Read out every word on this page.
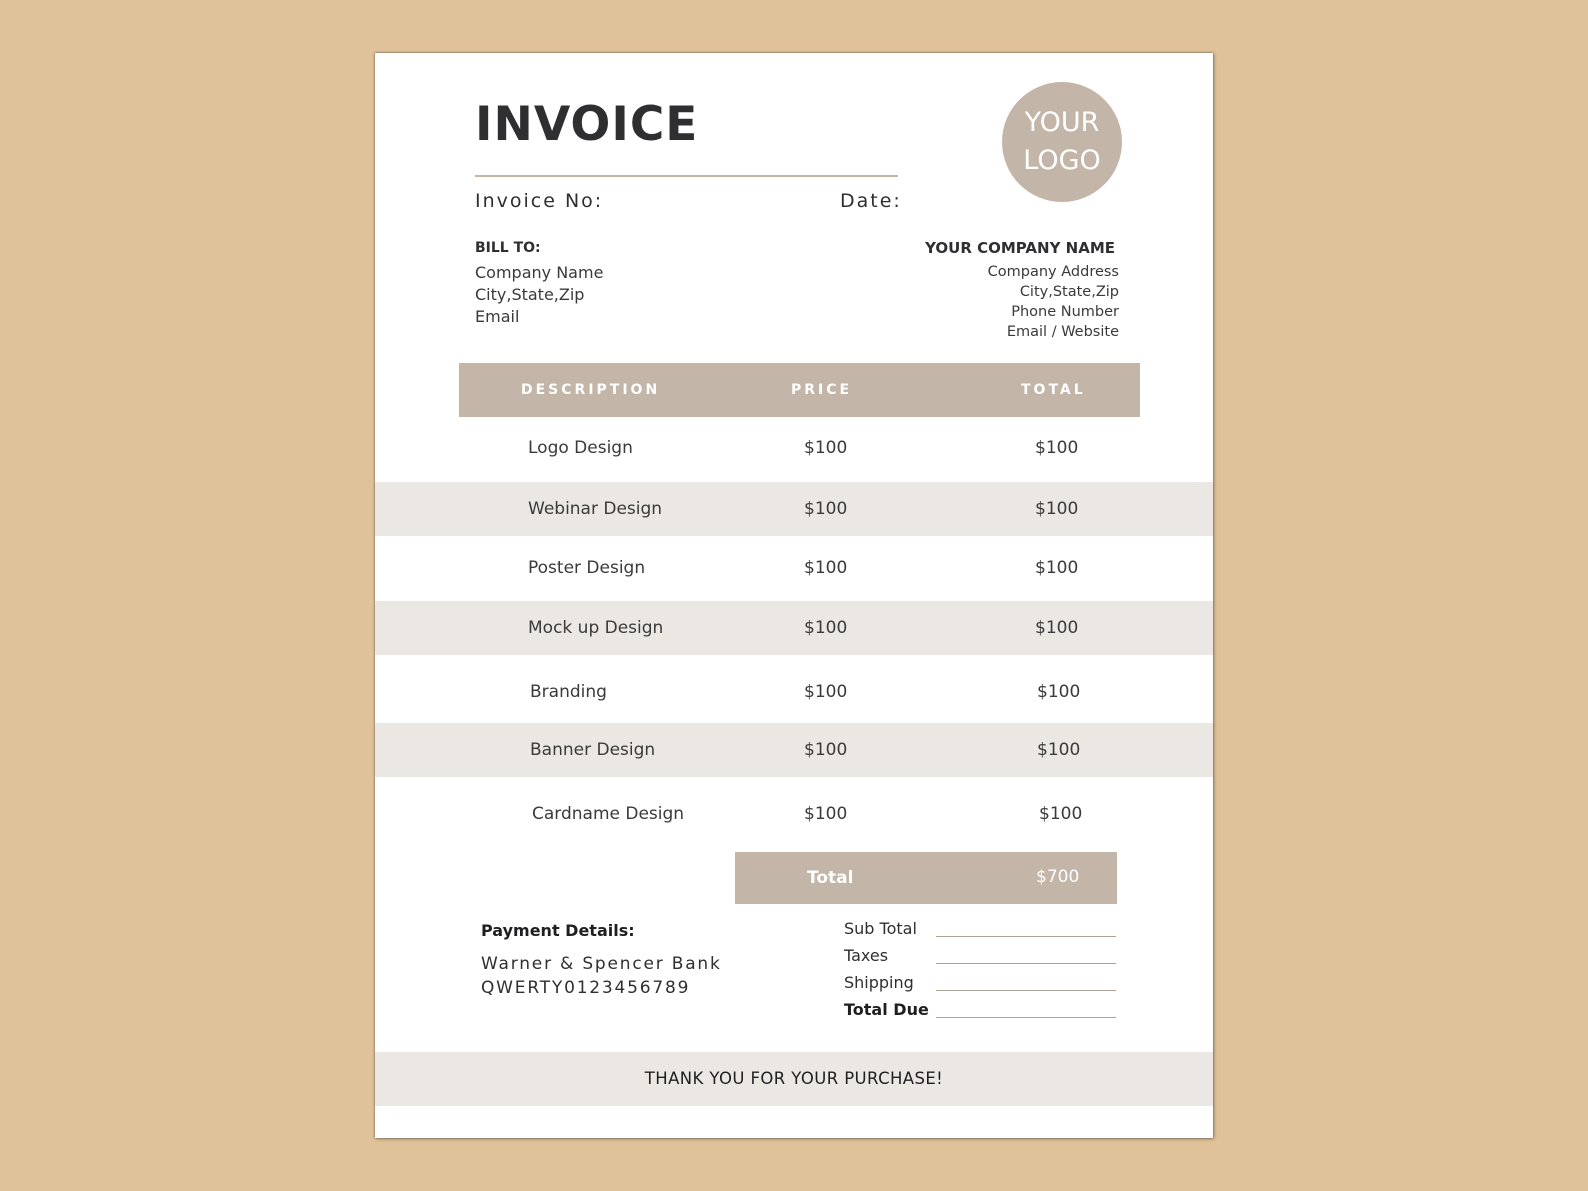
INVOICE
Invoice No:	Date:
YOUR
LOGO
BILL TO:
Company Name
City,State,Zip
Email
YOUR COMPANY NAME
Company Address
City,State,Zip
Phone Number
Email / Website
DESCRIPTION	PRICE	TOTAL
Logo Design	$100	$100
Webinar Design	$100	$100
Poster Design	$100	$100
Mock up Design	$100	$100
Branding	$100	$100
Banner Design	$100	$100
Cardname Design	$100	$100
Total	$700
Payment Details:
Warner & Spencer Bank
QWERTY0123456789
Sub Total
Taxes
Shipping
Total Due
THANK YOU FOR YOUR PURCHASE!
